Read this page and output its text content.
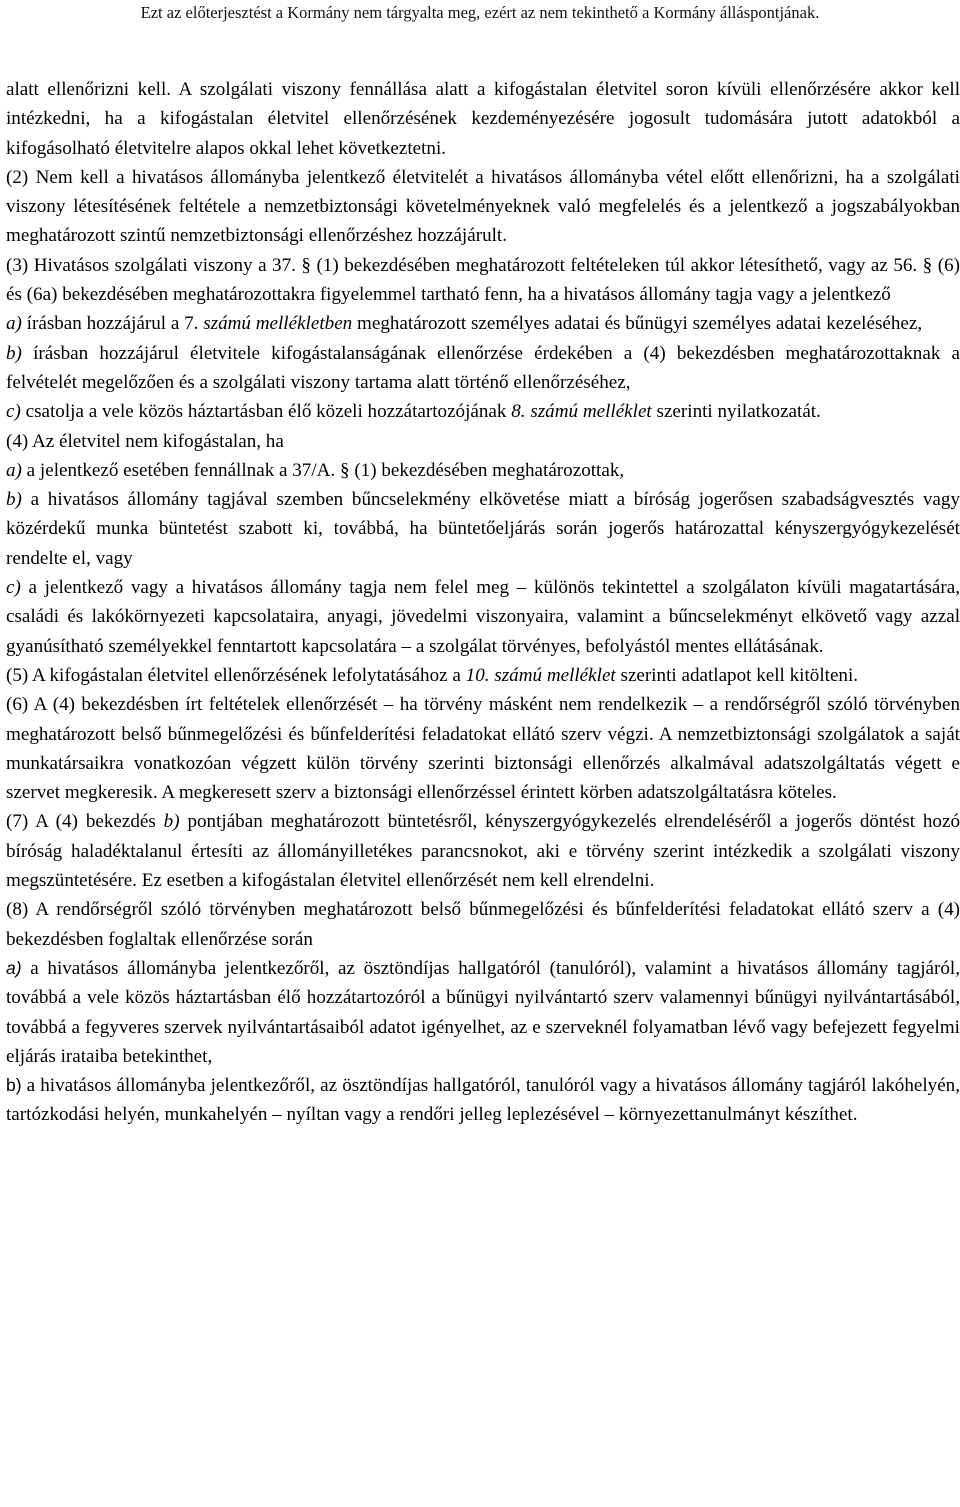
Ezt az előterjesztést a Kormány nem tárgyalta meg, ezért az nem tekinthető a Kormány álláspontjának.

alatt ellenőrizni kell. A szolgálati viszony fennállása alatt a kifogástalan életvitel soron kívüli ellenőrzésére akkor kell intézkedni, ha a kifogástalan életvitel ellenőrzésének kezdeményezésére jogosult tudomására jutott adatokból a kifogásolható életvitelre alapos okkal lehet következtetni.

(2) Nem kell a hivatásos állományba jelentkező életvitelét a hivatásos állományba vétel előtt ellenőrizni, ha a szolgálati viszony létesítésének feltétele a nemzetbiztonsági követelményeknek való megfelelés és a jelentkező a jogszabályokban meghatározott szintű nemzetbiztonsági ellenőrzéshez hozzájárult.

(3) Hivatásos szolgálati viszony a 37. § (1) bekezdésében meghatározott feltételeken túl akkor létesíthető, vagy az 56. § (6) és (6a) bekezdésében meghatározottakra figyelemmel tartható fenn, ha a hivatásos állomány tagja vagy a jelentkező

a) írásban hozzájárul a 7. számú mellékletben meghatározott személyes adatai és bűnügyi személyes adatai kezeléséhez,

b) írásban hozzájárul életvitele kifogástalanságának ellenőrzése érdekében a (4) bekezdésben meghatározottaknak a felvételét megelőzően és a szolgálati viszony tartama alatt történő ellenőrzéséhez,

c) csatolja a vele közös háztartásban élő közeli hozzátartozójának 8. számú melléklet szerinti nyilatkozatát.

(4) Az életvitel nem kifogástalan, ha

a) a jelentkező esetében fennállnak a 37/A. § (1) bekezdésében meghatározottak,

b) a hivatásos állomány tagjával szemben bűncselekmény elkövetése miatt a bíróság jogerősen szabadságvesztés vagy közérdekű munka büntetést szabott ki, továbbá, ha büntetőeljárás során jogerős határozattal kényszergyógykezelését rendelte el, vagy

c) a jelentkező vagy a hivatásos állomány tagja nem felel meg – különös tekintettel a szolgálaton kívüli magatartására, családi és lakókörnyezeti kapcsolataira, anyagi, jövedelmi viszonyaira, valamint a bűncselekményt elkövető vagy azzal gyanúsítható személyekkel fenntartott kapcsolatára – a szolgálat törvényes, befolyástól mentes ellátásának.

(5) A kifogástalan életvitel ellenőrzésének lefolytatásához a 10. számú melléklet szerinti adatlapot kell kitölteni.

(6) A (4) bekezdésben írt feltételek ellenőrzését – ha törvény másként nem rendelkezik – a rendőrségről szóló törvényben meghatározott belső bűnmegelőzési és bűnfelderítési feladatokat ellátó szerv végzi. A nemzetbiztonsági szolgálatok a saját munkatársaikra vonatkozóan végzett külön törvény szerinti biztonsági ellenőrzés alkalmával adatszolgáltatás végett e szervet megkeresik. A megkeresett szerv a biztonsági ellenőrzéssel érintett körben adatszolgáltatásra köteles.

(7) A (4) bekezdés b) pontjában meghatározott büntetésről, kényszergyógykezelés elrendeléséről a jogerős döntést hozó bíróság haladéktalanul értesíti az állományilletékes parancsnokot, aki e törvény szerint intézkedik a szolgálati viszony megszüntetésére. Ez esetben a kifogástalan életvitel ellenőrzését nem kell elrendelni.

(8) A rendőrségről szóló törvényben meghatározott belső bűnmegelőzési és bűnfelderítési feladatokat ellátó szerv a (4) bekezdésben foglaltak ellenőrzése során

a) a hivatásos állományba jelentkezőről, az ösztöndíjas hallgatóról (tanulóról), valamint a hivatásos állomány tagjáról, továbbá a vele közös háztartásban élő hozzátartozóról a bűnügyi nyilvántartó szerv valamennyi bűnügyi nyilvántartásából, továbbá a fegyveres szervek nyilvántartásaiból adatot igényelhet, az e szerveknél folyamatban lévő vagy befejezett fegyelmi eljárás irataiba betekinthet,

b) a hivatásos állományba jelentkezőről, az ösztöndíjas hallgatóról, tanulóról vagy a hivatásos állomány tagjáról lakóhelyén, tartózkodási helyén, munkahelyén – nyíltan vagy a rendőri jelleg leplezésével – környezettanulmányt készíthet.
